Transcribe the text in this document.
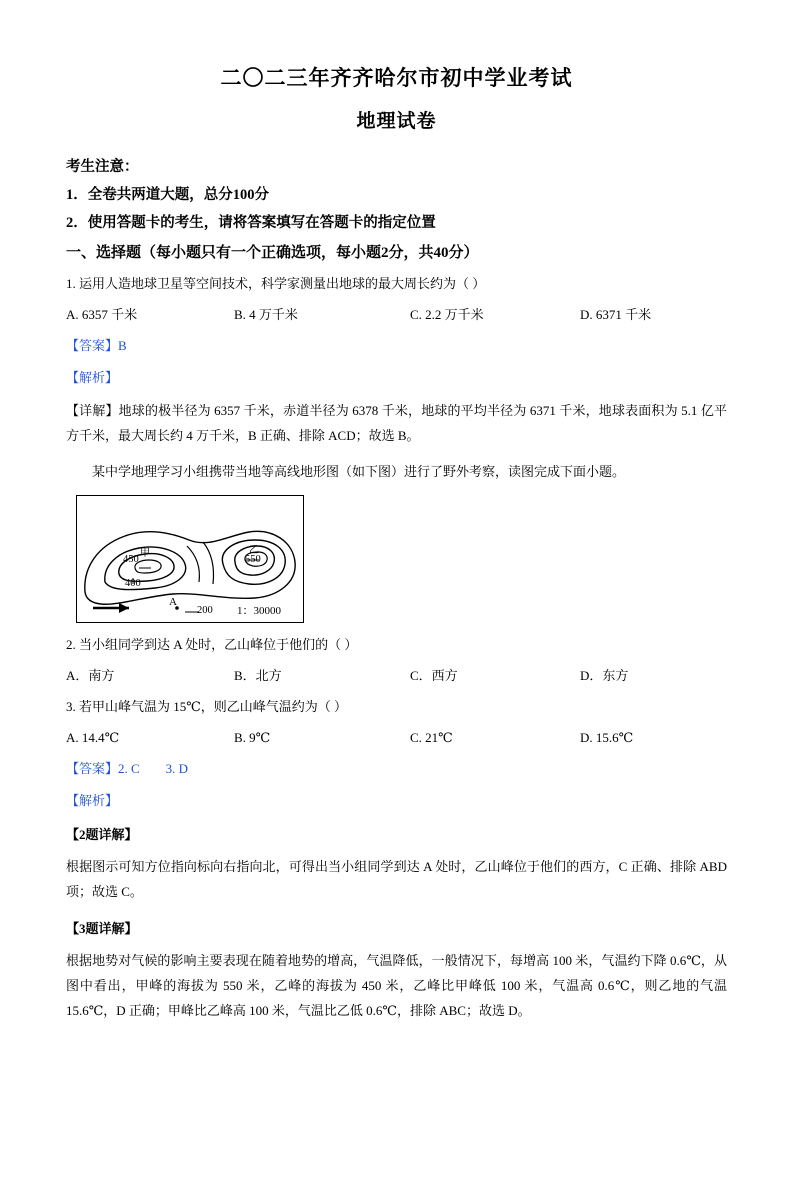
二〇二三年齐齐哈尔市初中学业考试
地理试卷
考生注意：
1．全卷共两道大题，总分100分
2．使用答题卡的考生，请将答案填写在答题卡的指定位置
一、选择题（每小题只有一个正确选项，每小题2分，共40分）
1. 运用人造地球卫星等空间技术，科学家测量出地球的最大周长约为（ ）
A. 6357 千米	B. 4 万千米	C. 2.2 万千米	D. 6371 千米
【答案】B
【解析】
【详解】地球的极半径为 6357 千米，赤道半径为 6378 千米，地球的平均半径为 6371 千米，地球表面积为 5.1 亿平方千米，最大周长约 4 万千米，B 正确、排除 ACD；故选 B。
某中学地理学习小组携带当地等高线地形图（如下图）进行了野外考察，读图完成下面小题。
450
400
550
甲	乙
A
200 1：30000
2. 当小组同学到达 A 处时，乙山峰位于他们的（ ）
A．南方	B．北方	C．西方	D．东方
3. 若甲山峰气温为 15℃，则乙山峰气温约为（ ）
A. 14.4℃	B. 9℃	C. 21℃	D. 15.6℃
【答案】2. C　　3. D
【解析】
【2题详解】
根据图示可知方位指向标向右指向北，可得出当小组同学到达 A 处时，乙山峰位于他们的西方，C 正确、排除 ABD 项；故选 C。
【3题详解】
根据地势对气候的影响主要表现在随着地势的增高，气温降低，一般情况下，每增高 100 米，气温约下降 0.6℃，从图中看出，甲峰的海拔为 550 米，乙峰的海拔为 450 米，乙峰比甲峰低 100 米，气温高 0.6℃，则乙地的气温 15.6℃，D 正确；甲峰比乙峰高 100 米，气温比乙低 0.6℃，排除 ABC；故选 D。
